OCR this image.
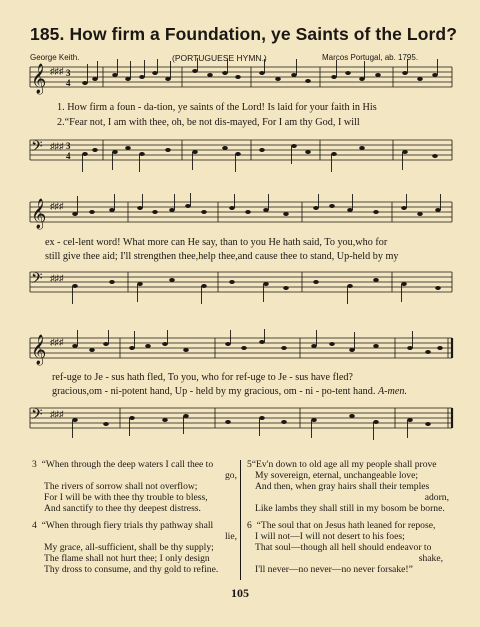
185. How firm a Foundation, ye Saints of the Lord?
George Keith.	(PORTUGUESE HYMN.)	Marcos Portugal, ab. 1795.
𝄞 ♯♯♯ 3
4
1. How firm a foun - da-tion, ye saints of the Lord! Is laid for your faith in His
2.“Fear not, I am with thee, oh, be not dis-mayed, For I am thy God, I will
𝄢 ♯♯♯ 3
4
𝄞 ♯♯♯
ex - cel-lent word! What more can He say, than to you He hath said, To you,who for
still give thee aid; I'll strengthen thee,help thee,and cause thee to stand, Up-held by my
𝄢 ♯♯♯
𝄞 ♯♯♯
ref-uge to Je - sus hath fled, To you, who for ref-uge to Je - sus have fled?
gracious,om - ni-potent hand, Up - held by my gracious, om - ni - po-tent hand. A-men.
𝄢 ♯♯♯
3 “When through the deep waters I call thee to
go,
The rivers of sorrow shall not overflow;
For I will be with thee thy trouble to bless,
And sanctify to thee thy deepest distress.
4 “When through fiery trials thy pathway shall
lie,
My grace, all-sufficient, shall be thy supply;
The flame shall not hurt thee; I only design
Thy dross to consume, and thy gold to refine.
5“Ev'n down to old age all my people shall prove
My sovereign, eternal, unchangeable love;
And then, when gray hairs shall their temples
adorn,
Like lambs they shall still in my bosom be borne.
6 “The soul that on Jesus hath leaned for repose,
I will not—I will not desert to his foes;
That soul—though all hell should endeavor to
shake,
I'll never—no never—no never forsake!”
105
